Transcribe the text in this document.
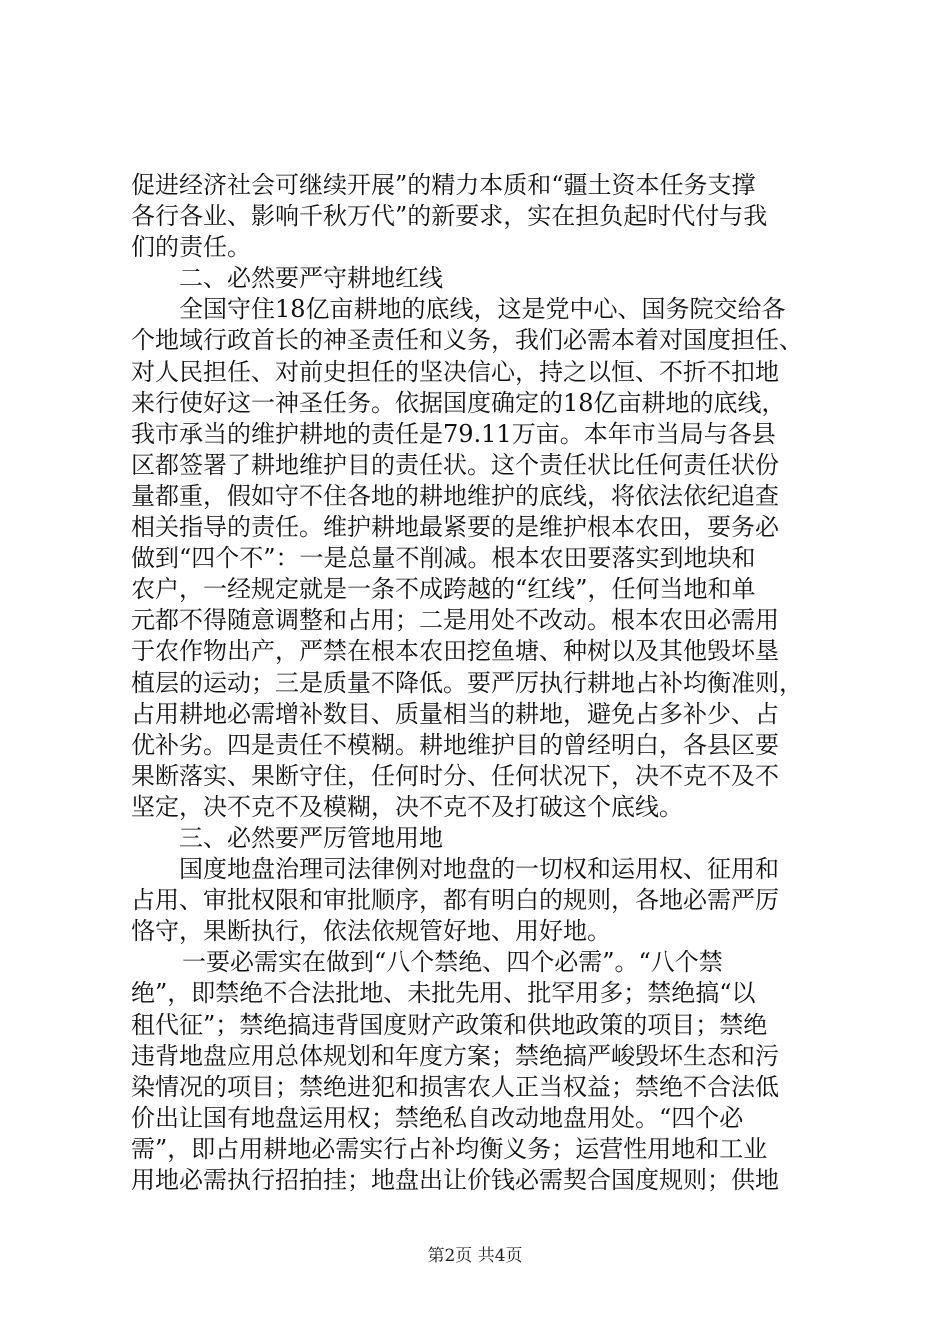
促进经济社会可继续开展”的精力本质和“疆土资本任务支撑
各行各业、影响千秋万代”的新要求，实在担负起时代付与我
们的责任。
二、必然要严守耕地红线
全国守住18亿亩耕地的底线，这是党中心、国务院交给各
个地域行政首长的神圣责任和义务，我们必需本着对国度担任、
对人民担任、对前史担任的坚决信心，持之以恒、不折不扣地
来行使好这一神圣任务。依据国度确定的18亿亩耕地的底线，
我市承当的维护耕地的责任是79.11万亩。本年市当局与各县
区都签署了耕地维护目的责任状。这个责任状比任何责任状份
量都重，假如守不住各地的耕地维护的底线，将依法依纪追查
相关指导的责任。维护耕地最紧要的是维护根本农田，要务必
做到“四个不”：一是总量不削减。根本农田要落实到地块和
农户，一经规定就是一条不成跨越的“红线”，任何当地和单
元都不得随意调整和占用；二是用处不改动。根本农田必需用
于农作物出产，严禁在根本农田挖鱼塘、种树以及其他毁坏垦
植层的运动；三是质量不降低。要严厉执行耕地占补均衡准则，
占用耕地必需增补数目、质量相当的耕地，避免占多补少、占
优补劣。四是责任不模糊。耕地维护目的曾经明白，各县区要
果断落实、果断守住，任何时分、任何状况下，决不克不及不
坚定，决不克不及模糊，决不克不及打破这个底线。
三、必然要严厉管地用地
国度地盘治理司法律例对地盘的一切权和运用权、征用和
占用、审批权限和审批顺序，都有明白的规则，各地必需严厉
恪守，果断执行，依法依规管好地、用好地。
一要必需实在做到“八个禁绝、四个必需”。“八个禁
绝”，即禁绝不合法批地、未批先用、批罕用多；禁绝搞“以
租代征”；禁绝搞违背国度财产政策和供地政策的项目；禁绝
违背地盘应用总体规划和年度方案；禁绝搞严峻毁坏生态和污
染情况的项目；禁绝进犯和损害农人正当权益；禁绝不合法低
价出让国有地盘运用权；禁绝私自改动地盘用处。“四个必
需”，即占用耕地必需实行占补均衡义务；运营性用地和工业
用地必需执行招拍挂；地盘出让价钱必需契合国度规则；供地
第2页 共4页
